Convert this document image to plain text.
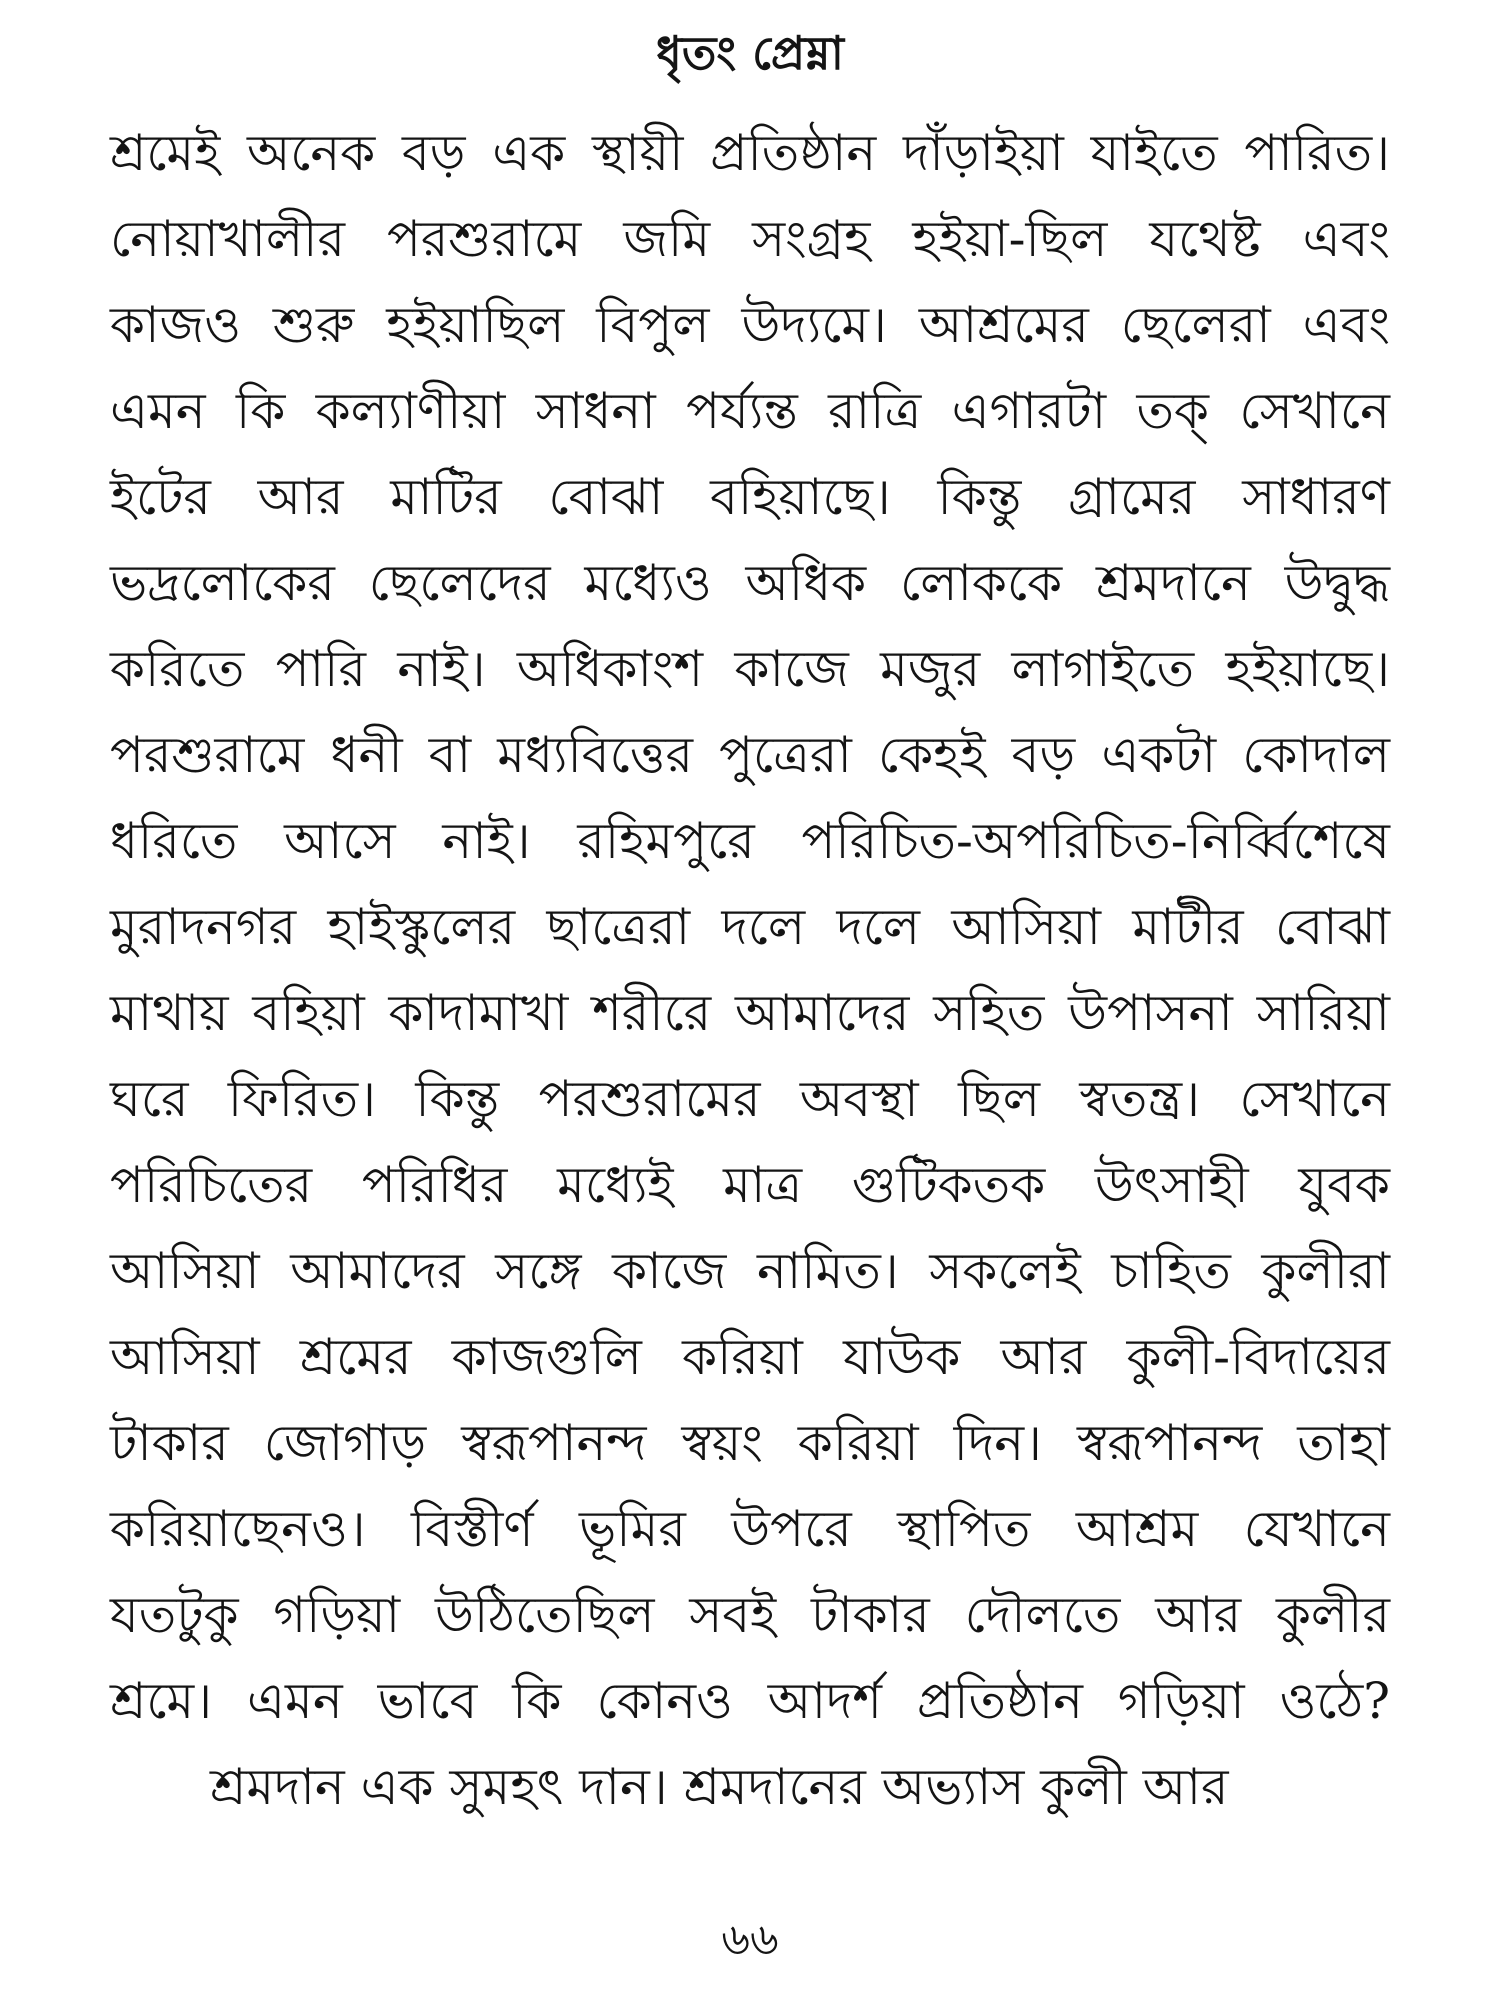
ধৃতং প্রেম্না
শ্রমেই অনেক বড় এক স্থায়ী প্রতিষ্ঠান দাঁড়াইয়া যাইতে পারিত।
নোয়াখালীর পরশুরামে জমি সংগ্রহ হইয়া-ছিল যথেষ্ট এবং
কাজও শুরু হইয়াছিল বিপুল উদ্যমে। আশ্রমের ছেলেরা এবং
এমন কি কল্যাণীয়া সাধনা পর্য্যন্ত রাত্রি এগারটা তক্‌ সেখানে
ইটের আর মাটির বোঝা বহিয়াছে। কিন্তু গ্রামের সাধারণ
ভদ্রলোকের ছেলেদের মধ্যেও অধিক লোককে শ্রমদানে উদ্বুদ্ধ
করিতে পারি নাই। অধিকাংশ কাজে মজুর লাগাইতে হইয়াছে।
পরশুরামে ধনী বা মধ্যবিত্তের পুত্রেরা কেহই বড় একটা কোদাল
ধরিতে আসে নাই। রহিমপুরে পরিচিত-অপরিচিত-নির্ব্বিশেষে
মুরাদনগর হাইস্কুলের ছাত্রেরা দলে দলে আসিয়া মাটীর বোঝা
মাথায় বহিয়া কাদামাখা শরীরে আমাদের সহিত উপাসনা সারিয়া
ঘরে ফিরিত। কিন্তু পরশুরামের অবস্থা ছিল স্বতন্ত্র। সেখানে
পরিচিতের পরিধির মধ্যেই মাত্র গুটিকতক উৎসাহী যুবক
আসিয়া আমাদের সঙ্গে কাজে নামিত। সকলেই চাহিত কুলীরা
আসিয়া শ্রমের কাজগুলি করিয়া যাউক আর কুলী-বিদায়ের
টাকার জোগাড় স্বরূপানন্দ স্বয়ং করিয়া দিন। স্বরূপানন্দ তাহা
করিয়াছেনও। বিস্তীর্ণ ভূমির উপরে স্থাপিত আশ্রম যেখানে
যতটুকু গড়িয়া উঠিতেছিল সবই টাকার দৌলতে আর কুলীর
শ্রমে। এমন ভাবে কি কোনও আদর্শ প্রতিষ্ঠান গড়িয়া ওঠে?
শ্রমদান এক সুমহৎ দান। শ্রমদানের অভ্যাস কুলী আর
৬৬
